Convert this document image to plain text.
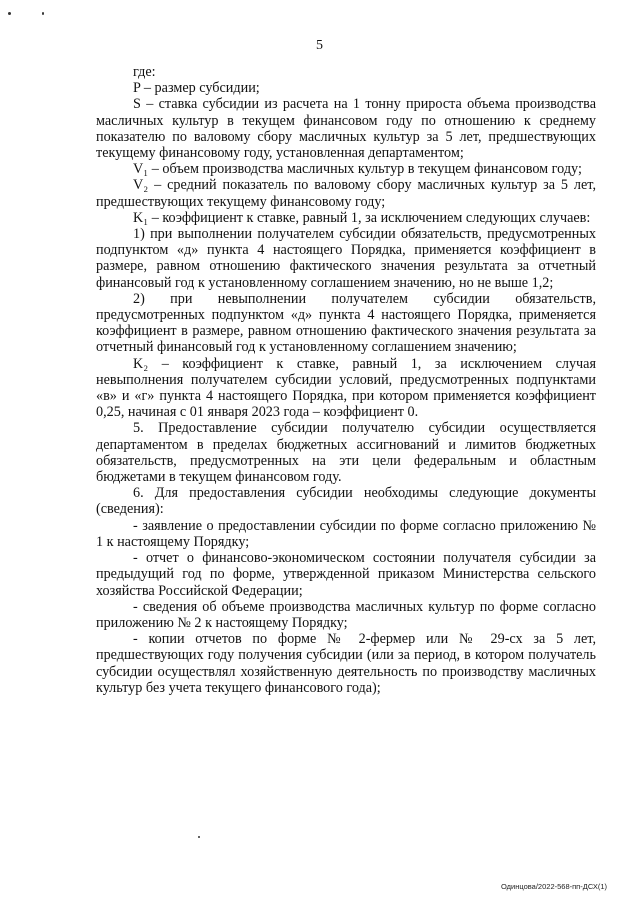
5

где:

P – размер субсидии;

S – ставка субсидии из расчета на 1 тонну прироста объема производства масличных культур в текущем финансовом году по отношению к среднему показателю по валовому сбору масличных культур за 5 лет, предшествующих текущему финансовому году, установленная департаментом;

V₁ – объем производства масличных культур в текущем финансовом году;

V₂ – средний показатель по валовому сбору масличных культур за 5 лет, предшествующих текущему финансовому году;

K₁ – коэффициент к ставке, равный 1, за исключением следующих случаев:

1) при выполнении получателем субсидии обязательств, предусмотренных подпунктом «д» пункта 4 настоящего Порядка, применяется коэффициент в размере, равном отношению фактического значения результата за отчетный финансовый год к установленному соглашением значению, но не выше 1,2;

2) при невыполнении получателем субсидии обязательств, предусмотренных подпунктом «д» пункта 4 настоящего Порядка, применяется коэффициент в размере, равном отношению фактического значения результата за отчетный финансовый год к установленному соглашением значению;

K₂ – коэффициент к ставке, равный 1, за исключением случая невыполнения получателем субсидии условий, предусмотренных подпунктами «в» и «г» пункта 4 настоящего Порядка, при котором применяется коэффициент 0,25, начиная с 01 января 2023 года – коэффициент 0.

5. Предоставление субсидии получателю субсидии осуществляется департаментом в пределах бюджетных ассигнований и лимитов бюджетных обязательств, предусмотренных на эти цели федеральным и областным бюджетами в текущем финансовом году.

6. Для предоставления субсидии необходимы следующие документы (сведения):

- заявление о предоставлении субсидии по форме согласно приложению № 1 к настоящему Порядку;

- отчет о финансово-экономическом состоянии получателя субсидии за предыдущий год по форме, утвержденной приказом Министерства сельского хозяйства Российской Федерации;

- сведения об объеме производства масличных культур по форме согласно приложению № 2 к настоящему Порядку;

- копии отчетов по форме № 2-фермер или № 29-сх за 5 лет, предшествующих году получения субсидии (или за период, в котором получатель субсидии осуществлял хозяйственную деятельность по производству масличных культур без учета текущего финансового года);

Одинцова/2022-568-пп-ДСХ(1)
